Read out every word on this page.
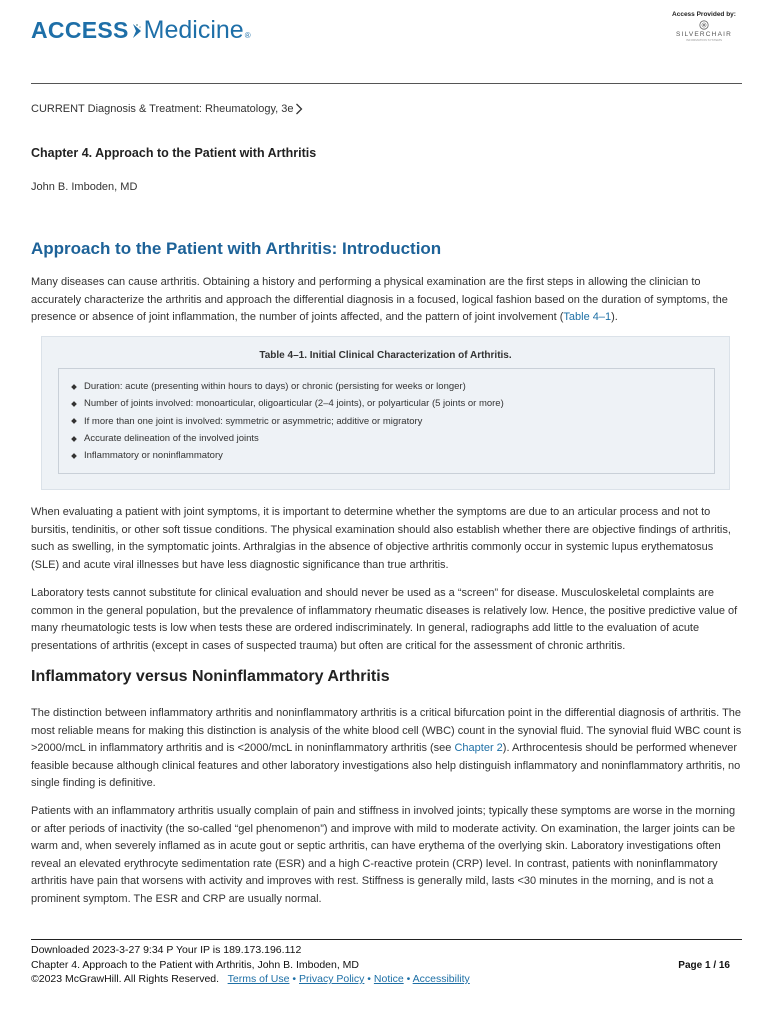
ACCESS Medicine ®
Access Provided by:
SILVERCHAIR
INFORMATION SYSTEMS
CURRENT Diagnosis & Treatment: Rheumatology, 3e
Chapter 4. Approach to the Patient with Arthritis
John B. Imboden, MD
Approach to the Patient with Arthritis: Introduction

Many diseases can cause arthritis. Obtaining a history and performing a physical examination are the first steps in allowing the clinician to accurately characterize the arthritis and approach the differential diagnosis in a focused, logical fashion based on the duration of symptoms, the presence or absence of joint inflammation, the number of joints affected, and the pattern of joint involvement (Table 4–1).

Table 4–1. Initial Clinical Characterization of Arthritis.
Duration: acute (presenting within hours to days) or chronic (persisting for weeks or longer)
Number of joints involved: monoarticular, oligoarticular (2–4 joints), or polyarticular (5 joints or more)
If more than one joint is involved: symmetric or asymmetric; additive or migratory
Accurate delineation of the involved joints
Inflammatory or noninflammatory

When evaluating a patient with joint symptoms, it is important to determine whether the symptoms are due to an articular process and not to bursitis, tendinitis, or other soft tissue conditions. The physical examination should also establish whether there are objective findings of arthritis, such as swelling, in the symptomatic joints. Arthralgias in the absence of objective arthritis commonly occur in systemic lupus erythematosus (SLE) and acute viral illnesses but have less diagnostic significance than true arthritis.

Laboratory tests cannot substitute for clinical evaluation and should never be used as a “screen” for disease. Musculoskeletal complaints are common in the general population, but the prevalence of inflammatory rheumatic diseases is relatively low. Hence, the positive predictive value of many rheumatologic tests is low when tests these are ordered indiscriminately. In general, radiographs add little to the evaluation of acute presentations of arthritis (except in cases of suspected trauma) but often are critical for the assessment of chronic arthritis.

Inflammatory versus Noninflammatory Arthritis

The distinction between inflammatory arthritis and noninflammatory arthritis is a critical bifurcation point in the differential diagnosis of arthritis. The most reliable means for making this distinction is analysis of the white blood cell (WBC) count in the synovial fluid. The synovial fluid WBC count is >2000/mcL in inflammatory arthritis and is <2000/mcL in noninflammatory arthritis (see Chapter 2). Arthrocentesis should be performed whenever feasible because although clinical features and other laboratory investigations also help distinguish inflammatory and noninflammatory arthritis, no single finding is definitive.

Patients with an inflammatory arthritis usually complain of pain and stiffness in involved joints; typically these symptoms are worse in the morning or after periods of inactivity (the so-called “gel phenomenon”) and improve with mild to moderate activity. On examination, the larger joints can be warm and, when severely inflamed as in acute gout or septic arthritis, can have erythema of the overlying skin. Laboratory investigations often reveal an elevated erythrocyte sedimentation rate (ESR) and a high C-reactive protein (CRP) level. In contrast, patients with noninflammatory arthritis have pain that worsens with activity and improves with rest. Stiffness is generally mild, lasts <30 minutes in the morning, and is not a prominent symptom. The ESR and CRP are usually normal.

Downloaded 2023-3-27 9:34 P Your IP is 189.173.196.112
Chapter 4. Approach to the Patient with Arthritis, John B. Imboden, MD
©2023 McGrawHill. All Rights Reserved. Terms of Use • Privacy Policy • Notice • Accessibility
Page 1 / 16
